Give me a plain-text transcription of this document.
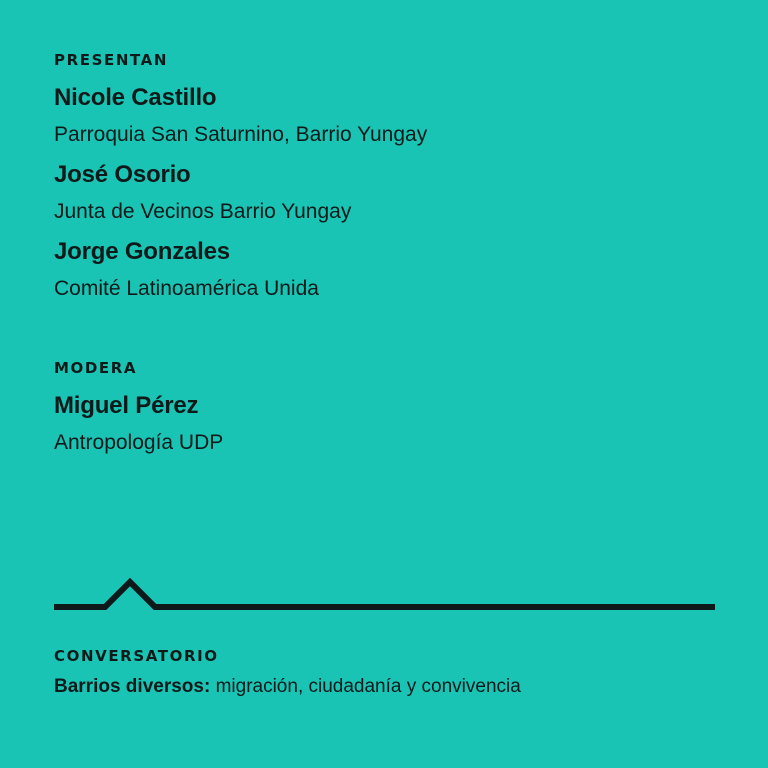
PRESENTAN
Nicole Castillo
Parroquia San Saturnino, Barrio Yungay
José Osorio
Junta de Vecinos Barrio Yungay
Jorge Gonzales
Comité Latinoamérica Unida
MODERA
Miguel Pérez
Antropología UDP
CONVERSATORIO
Barrios diversos: migración, ciudadanía y convivencia
